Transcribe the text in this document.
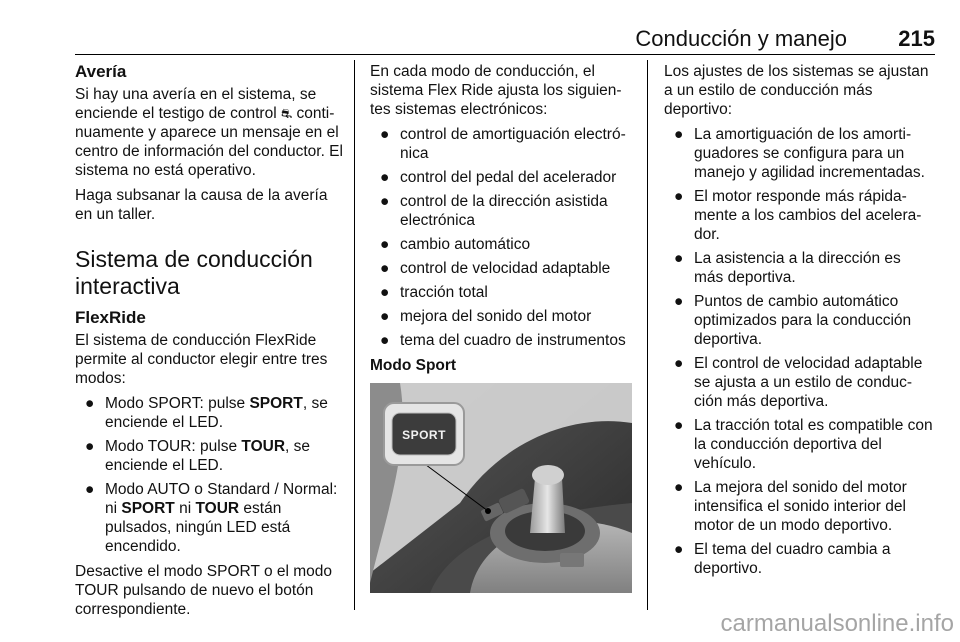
Conducción y manejo 215
Avería

Si hay una avería en el sistema, se enciende el testigo de control ⛐ continuamente y aparece un mensaje en el centro de información del conductor. El sistema no está operativo.

Haga subsanar la causa de la avería en un taller.

Sistema de conducción interactiva
FlexRide

El sistema de conducción FlexRide permite al conductor elegir entre tres modos:

● Modo SPORT: pulse SPORT, se enciende el LED.
● Modo TOUR: pulse TOUR, se enciende el LED.
● Modo AUTO o Standard / Normal: ni SPORT ni TOUR están pulsados, ningún LED está encendido.

Desactive el modo SPORT o el modo TOUR pulsando de nuevo el botón correspondiente.

En cada modo de conducción, el sistema Flex Ride ajusta los siguientes sistemas electrónicos:

● control de amortiguación electrónica
● control del pedal del acelerador
● control de la dirección asistida electrónica
● cambio automático
● control de velocidad adaptable
● tracción total
● mejora del sonido del motor
● tema del cuadro de instrumentos
Modo Sport
SPORT

Los ajustes de los sistemas se ajustan a un estilo de conducción más deportivo:

● La amortiguación de los amortiguadores se configura para un manejo y agilidad incrementadas.
● El motor responde más rápidamente a los cambios del acelerador.
● La asistencia a la dirección es más deportiva.
● Puntos de cambio automático optimizados para la conducción deportiva.
● El control de velocidad adaptable se ajusta a un estilo de conducción más deportiva.
● La tracción total es compatible con la conducción deportiva del vehículo.
● La mejora del sonido del motor intensifica el sonido interior del motor de un modo deportivo.
● El tema del cuadro cambia a deportivo.
carmanualsonline.info
